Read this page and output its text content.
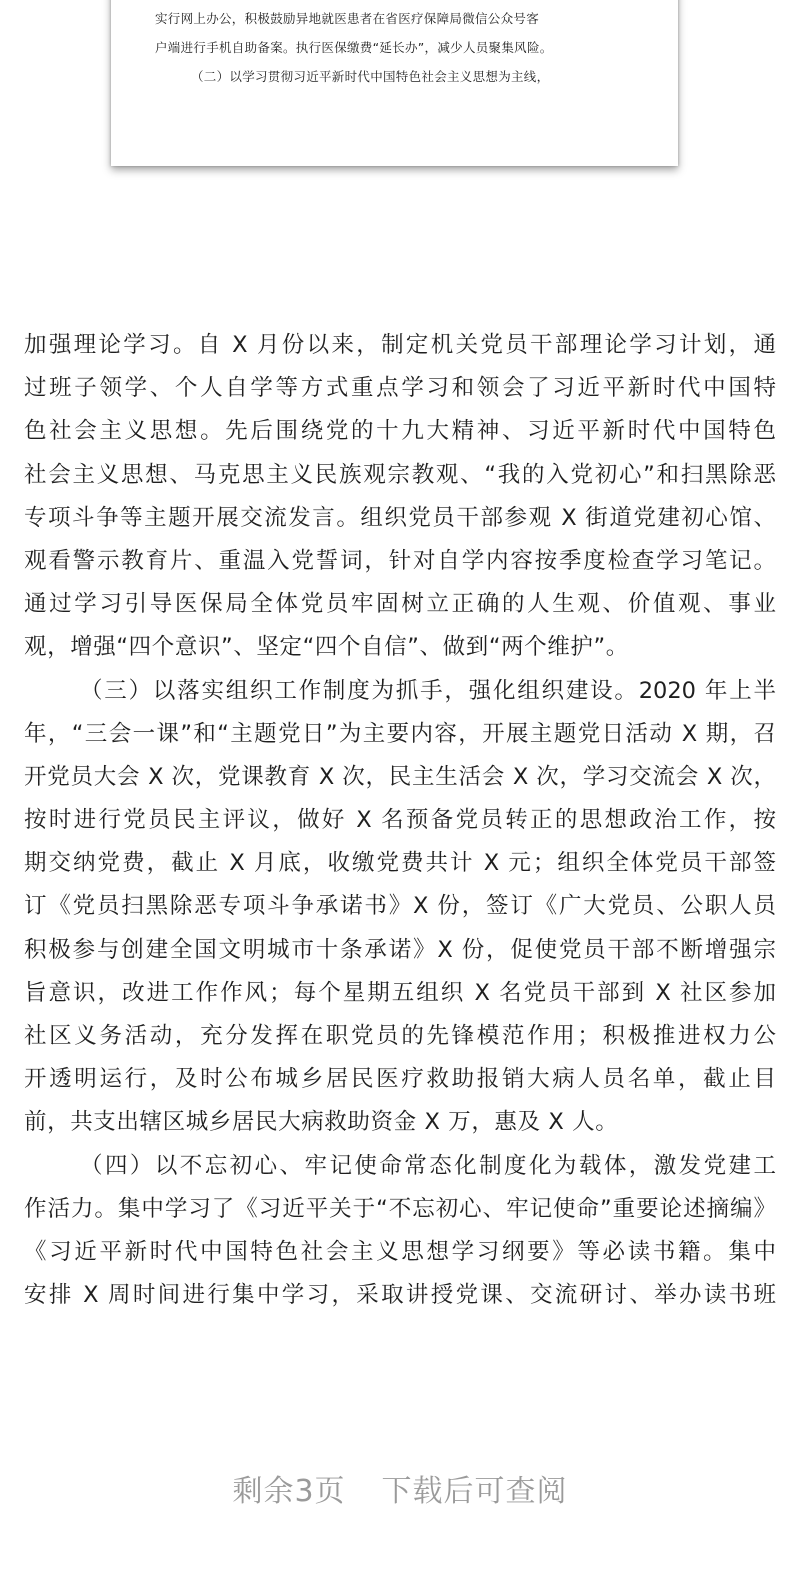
实行网上办公，积极鼓励异地就医患者在省医疗保障局微信公众号客
户端进行手机自助备案。执行医保缴费“延长办”，减少人员聚集风险。
（二）以学习贯彻习近平新时代中国特色社会主义思想为主线，
加强理论学习。自 X 月份以来，制定机关党员干部理论学习计划，通
过班子领学、个人自学等方式重点学习和领会了习近平新时代中国特
色社会主义思想。先后围绕党的十九大精神、习近平新时代中国特色
社会主义思想、马克思主义民族观宗教观、“我的入党初心”和扫黑除恶
专项斗争等主题开展交流发言。组织党员干部参观 X 街道党建初心馆、
观看警示教育片、重温入党誓词，针对自学内容按季度检查学习笔记。
通过学习引导医保局全体党员牢固树立正确的人生观、价值观、事业
观，增强“四个意识”、坚定“四个自信”、做到“两个维护”。
（三）以落实组织工作制度为抓手，强化组织建设。2020 年上半
年，“三会一课”和“主题党日”为主要内容，开展主题党日活动 X 期，召
开党员大会 X 次，党课教育 X 次，民主生活会 X 次，学习交流会 X 次，
按时进行党员民主评议，做好 X 名预备党员转正的思想政治工作，按
期交纳党费，截止 X 月底，收缴党费共计 X 元；组织全体党员干部签
订《党员扫黑除恶专项斗争承诺书》X 份，签订《广大党员、公职人员
积极参与创建全国文明城市十条承诺》X 份，促使党员干部不断增强宗
旨意识，改进工作作风；每个星期五组织 X 名党员干部到 X 社区参加
社区义务活动，充分发挥在职党员的先锋模范作用；积极推进权力公
开透明运行，及时公布城乡居民医疗救助报销大病人员名单，截止目
前，共支出辖区城乡居民大病救助资金 X 万，惠及 X 人。
（四）以不忘初心、牢记使命常态化制度化为载体，激发党建工
作活力。集中学习了《习近平关于“不忘初心、牢记使命”重要论述摘编》
《习近平新时代中国特色社会主义思想学习纲要》等必读书籍。集中
安排 X 周时间进行集中学习，采取讲授党课、交流研讨、举办读书班
剩余3页 下载后可查阅
